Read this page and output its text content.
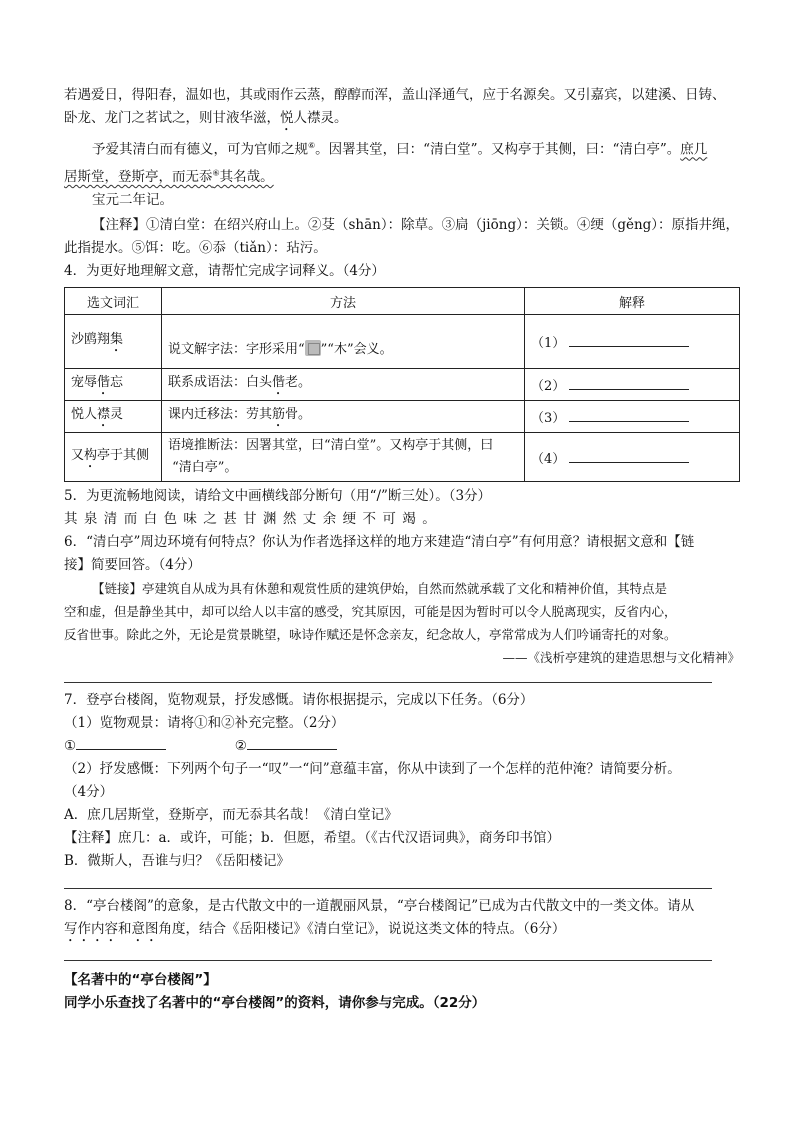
若遇爱日，得阳春，温如也，其或雨作云蒸，醇醇而浑，盖山泽通气，应于名源矣。又引嘉宾，以建溪、日铸、

卧龙、龙门之茗试之，则甘液华滋，悦人襟灵。

予爱其清白而有德义，可为官师之规⑥。因署其堂，曰：“清白堂”。又构亭于其侧，曰：“清白亭”。庶几

居斯堂，登斯亭，而无忝⑥其名哉。

宝元二年记。

【注释】①清白堂：在绍兴府山上。②芟（shān）：除草。③扃（jiōng）：关锁。④绠（gěng）：原指井绳，

此指提水。⑤饵：吃。⑥忝（tiǎn）：玷污。

4．为更好地理解文意，请帮忙完成字词释义。（4分）

选文词汇	方法	解释
沙鸥翔集	说文解字法：字形采用“ ”“木”会义。	（1）
宠辱偕忘	联系成语法：白头偕老。	（2）
悦人襟灵	课内迁移法：劳其筋骨。	（3）
又构亭于其侧	语境推断法：因署其堂，曰“清白堂”。又构亭于其侧，曰
“清白亭”。	（4）

5．为更流畅地阅读，请给文中画横线部分断句（用“/”断三处）。（3分）

其泉清而白色味之甚甘渊然丈余绠不可竭。

6．“清白亭”周边环境有何特点？你认为作者选择这样的地方来建造“清白亭”有何用意？请根据文意和【链

接】简要回答。（4分）

【链接】亭建筑自从成为具有休憩和观赏性质的建筑伊始，自然而然就承载了文化和精神价值，其特点是

空和虚，但是静坐其中，却可以给人以丰富的感受，究其原因，可能是因为暂时可以令人脱离现实，反省内心，

反省世事。除此之外，无论是赏景眺望，咏诗作赋还是怀念亲友，纪念故人，亭常常成为人们吟诵寄托的对象。

——《浅析亭建筑的建造思想与文化精神》

7．登亭台楼阁，览物观景，抒发感慨。请你根据提示，完成以下任务。（6分）

（1）览物观景：请将①和②补充完整。（2分）

①	②

（2）抒发感慨：下列两个句子一“叹”一“问”意蕴丰富，你从中读到了一个怎样的范仲淹？请简要分析。

（4分）

A．庶几居斯堂，登斯亭，而无忝其名哉！《清白堂记》

【注释】庶几：a．或许，可能；b．但愿，希望。（《古代汉语词典》，商务印书馆）

B．微斯人，吾谁与归？《岳阳楼记》

8．“亭台楼阁”的意象，是古代散文中的一道靓丽风景，“亭台楼阁记”已成为古代散文中的一类文体。请从

写作内容和意图角度，结合《岳阳楼记》《清白堂记》，说说这类文体的特点。（6分）

【名著中的“亭台楼阁”】

同学小乐查找了名著中的“亭台楼阁”的资料，请你参与完成。（22分）
